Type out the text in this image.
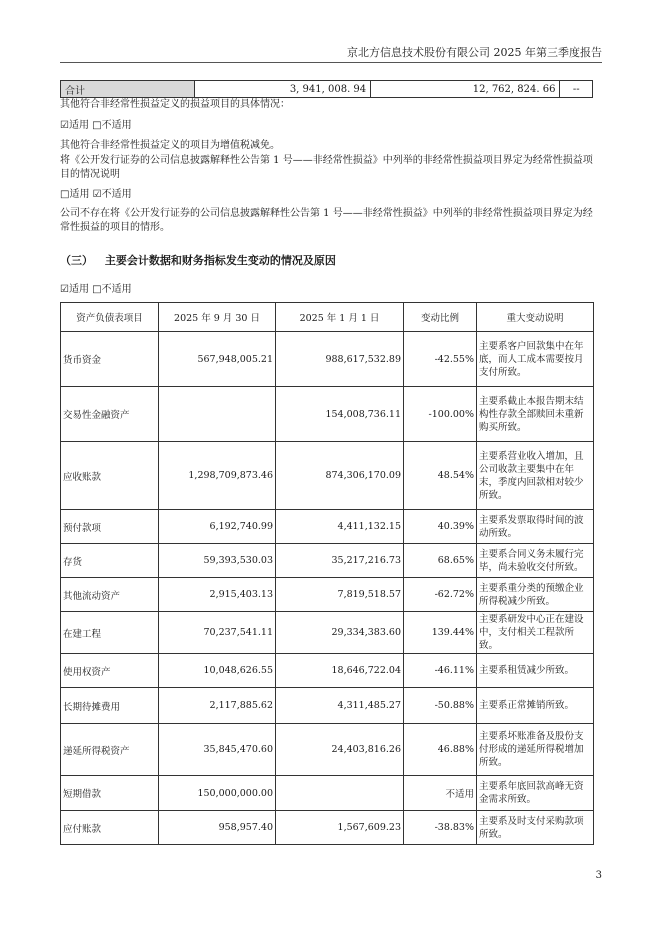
京北方信息技术股份有限公司 2025 年第三季度报告
合计	3, 941, 008. 94	12, 762, 824. 66	--
其他符合非经常性损益定义的损益项目的具体情况：
☑适用 □不适用
其他符合非经常性损益定义的项目为增值税减免。
将《公开发行证券的公司信息披露解释性公告第 1 号——非经常性损益》中列举的非经常性损益项目界定为经常性损益项目的情况说明
□适用 ☑不适用
公司不存在将《公开发行证券的公司信息披露解释性公告第 1 号——非经常性损益》中列举的非经常性损益项目界定为经常性损益的项目的情形。
（三） 主要会计数据和财务指标发生变动的情况及原因
☑适用 □不适用
资产负债表项目	2025 年 9 月 30 日	2025 年 1 月 1 日	变动比例	重大变动说明
货币资金	567,948,005.21	988,617,532.89	-42.55%	主要系客户回款集中在年底，而人工成本需要按月支付所致。
交易性金融资产		154,008,736.11	-100.00%	主要系截止本报告期末结构性存款全部赎回未重新购买所致。
应收账款	1,298,709,873.46	874,306,170.09	48.54%	主要系营业收入增加，且公司收款主要集中在年末，季度内回款相对较少所致。
预付款项	6,192,740.99	4,411,132.15	40.39%	主要系发票取得时间的波动所致。
存货	59,393,530.03	35,217,216.73	68.65%	主要系合同义务未履行完毕，尚未验收交付所致。
其他流动资产	2,915,403.13	7,819,518.57	-62.72%	主要系重分类的预缴企业所得税减少所致。
在建工程	70,237,541.11	29,334,383.60	139.44%	主要系研发中心正在建设中，支付相关工程款所致。
使用权资产	10,048,626.55	18,646,722.04	-46.11%	主要系租赁减少所致。
长期待摊费用	2,117,885.62	4,311,485.27	-50.88%	主要系正常摊销所致。
递延所得税资产	35,845,470.60	24,403,816.26	46.88%	主要系坏账准备及股份支付形成的递延所得税增加所致。
短期借款	150,000,000.00		不适用	主要系年底回款高峰无资金需求所致。
应付账款	958,957.40	1,567,609.23	-38.83%	主要系及时支付采购款项所致。
3
